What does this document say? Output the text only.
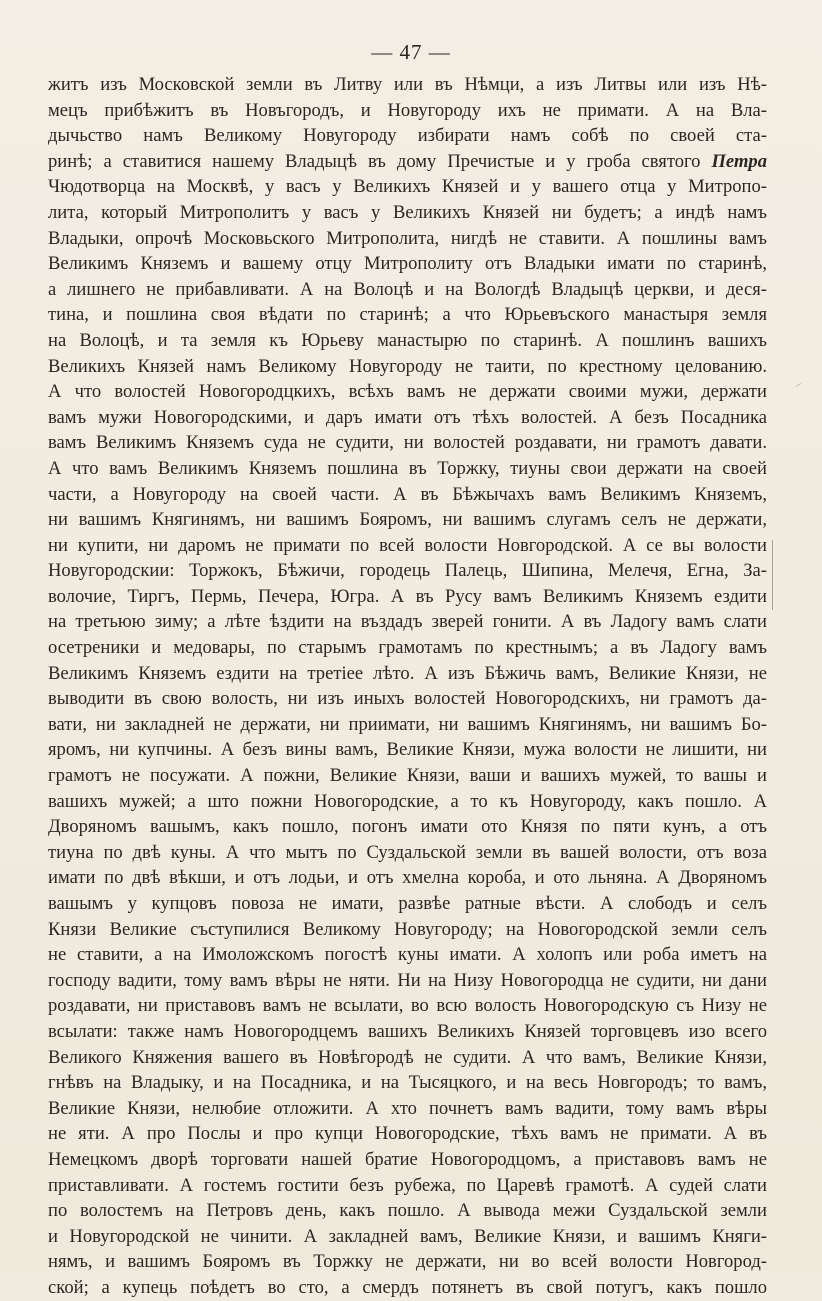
— 47 —
житъ изъ Московской земли въ Литву или въ Нѣмци, а изъ Литвы или изъ Нѣ-
мецъ прибѣжитъ въ Новъгородъ, и Новугороду ихъ не примати. А на Вла-
дычьство намъ Великому Новугороду избирати намъ собѣ по своей ста-
ринѣ; а ставитися нашему Владыцѣ въ дому Пречистые и у гроба святого Петра
Чюдотворца на Москвѣ, у васъ у Великихъ Князей и у вашего отца у Митропо-
лита, который Митрополитъ у васъ у Великихъ Князей ни будетъ; а индѣ намъ
Владыки, опрочѣ Московьского Митрополита, нигдѣ не ставити. А пошлины вамъ
Великимъ Княземъ и вашему отцу Митрополиту отъ Владыки имати по старинѣ,
а лишнего не прибавливати. А на Волоцѣ и на Вологдѣ Владыцѣ церкви, и деся-
тина, и пошлина своя вѣдати по старинѣ; а что Юрьевъского манастыря земля
на Волоцѣ, и та земля къ Юрьеву манастырю по старинѣ. А пошлинъ вашихъ
Великихъ Князей намъ Великому Новугороду не таити, по крестному целованию.
А что волостей Новогородцкихъ, всѣхъ вамъ не держати своими мужи, держати
вамъ мужи Новогородскими, и даръ имати отъ тѣхъ волостей. А безъ Посадника
вамъ Великимъ Княземъ суда не судити, ни волостей роздавати, ни грамотъ давати.
А что вамъ Великимъ Княземъ пошлина въ Торжку, тиуны свои держати на своей
части, а Новугороду на своей части. А въ Бѣжычахъ вамъ Великимъ Княземъ,
ни вашимъ Княгинямъ, ни вашимъ Бояромъ, ни вашимъ слугамъ селъ не держати,
ни купити, ни даромъ не примати по всей волости Новгородской. А се вы волости
Новугородскии: Торжокъ, Бѣжичи, городець Палець, Шипина, Мелечя, Егна, За-
волочие, Тиргъ, Пермь, Печера, Югра. А въ Русу вамъ Великимъ Княземъ ездити
на третьюю зиму; а лѣте ѣздити на въздадъ зверей гонити. А въ Ладогу вамъ слати
осетреники и медовары, по старымъ грамотамъ по крестнымъ; а въ Ладогу вамъ
Великимъ Княземъ ездити на третіее лѣто. А изъ Бѣжичь вамъ, Великие Князи, не
выводити въ свою волость, ни изъ иныхъ волостей Новогородскихъ, ни грамотъ да-
вати, ни закладней не держати, ни приимати, ни вашимъ Княгинямъ, ни вашимъ Бо-
яромъ, ни купчины. А безъ вины вамъ, Великие Князи, мужа волости не лишити, ни
грамотъ не посужати. А пожни, Великие Князи, ваши и вашихъ мужей, то вашы и
вашихъ мужей; а што пожни Новогородские, а то къ Новугороду, какъ пошло. А
Дворяномъ вашымъ, какъ пошло, погонъ имати ото Князя по пяти кунъ, а отъ
тиуна по двѣ куны. А что мытъ по Суздальской земли въ вашей волости, отъ воза
имати по двѣ вѣкши, и отъ лодьи, и отъ хмелна короба, и ото льняна. А Дворяномъ
вашымъ у купцовъ повоза не имати, развѣе ратные вѣсти. А слободъ и селъ
Князи Великие съступилися Великому Новугороду; на Новогородской земли селъ
не ставити, а на Имоложскомъ погостѣ куны имати. А холопъ или роба иметъ на
господу вадити, тому вамъ вѣры не няти. Ни на Низу Новогородца не судити, ни дани
роздавати, ни приставовъ вамъ не всылати, во всю волость Новогородскую съ Низу не
всылати: также намъ Новогородцемъ вашихъ Великихъ Князей торговцевъ изо всего
Великого Княжения вашего въ Новѣгородѣ не судити. А что вамъ, Великие Князи,
гнѣвъ на Владыку, и на Посадника, и на Тысяцкого, и на весь Новгородъ; то вамъ,
Великие Князи, нелюбие отложити. А хто почнетъ вамъ вадити, тому вамъ вѣры
не яти. А про Послы и про купци Новогородские, тѣхъ вамъ не примати. А въ
Немецкомъ дворѣ торговати нашей братие Новогородцомъ, а приставовъ вамъ не
приставливати. А гостемъ гостити безъ рубежа, по Царевѣ грамотѣ. А судей слати
по волостемъ на Петровъ день, какъ пошло. А вывода межи Суздальской земли
и Новугородской не чинити. А закладней вамъ, Великие Князи, и вашимъ Княги-
нямъ, и вашимъ Бояромъ въ Торжку не держати, ни во всей волости Новгород-
ской; а купець поѣдетъ во сто, а смердъ потянетъ въ свой потугъ, какъ пошло
